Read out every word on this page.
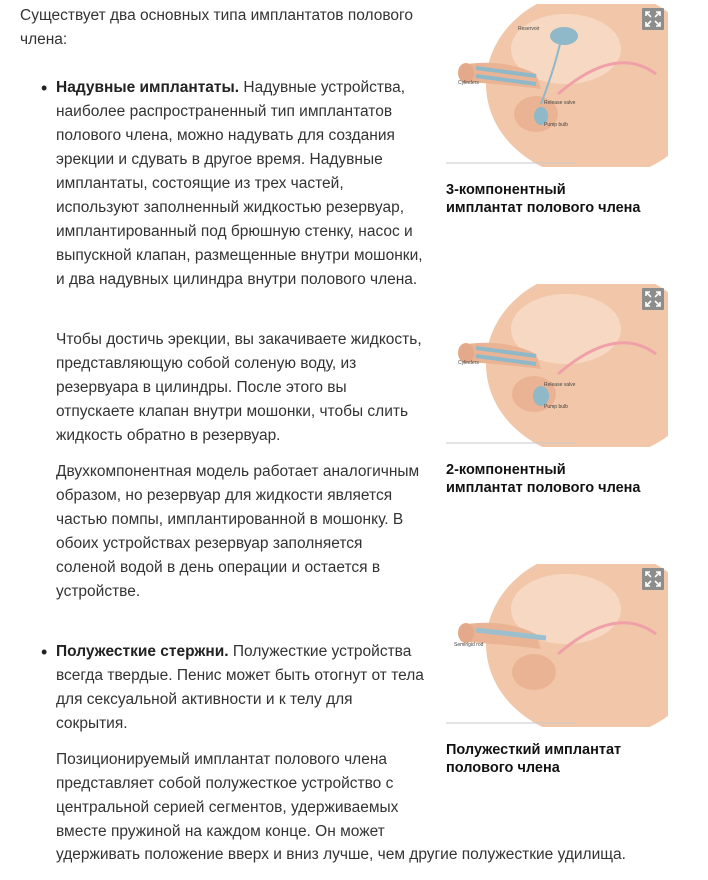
Существует два основных типа имплантатов полового члена:
• Надувные имплантаты. Надувные устройства, наиболее распространенный тип имплантатов полового члена, можно надувать для создания эрекции и сдувать в другое время. Надувные имплантаты, состоящие из трех частей, используют заполненный жидкостью резервуар, имплантированный под брюшную стенку, насос и выпускной клапан, размещенные внутри мошонки, и два надувных цилиндра внутри полового члена.
Чтобы достичь эрекции, вы закачиваете жидкость, представляющую собой соленую воду, из резервуара в цилиндры. После этого вы отпускаете клапан внутри мошонки, чтобы слить жидкость обратно в резервуар.
Двухкомпонентная модель работает аналогичным образом, но резервуар для жидкости является частью помпы, имплантированной в мошонку. В обоих устройствах резервуар заполняется соленой водой в день операции и остается в устройстве.
• Полужесткие стержни. Полужесткие устройства всегда твердые. Пенис может быть отогнут от тела для сексуальной активности и к телу для сокрытия.
Позиционируемый имплантат полового члена представляет собой полужесткое устройство с центральной серией сегментов, удерживаемых вместе пружиной на каждом конце. Он может
удерживать положение вверх и вниз лучше, чем другие полужесткие удилища.
Reservoir
Cylinders
Release valve
Pump bulb
3-компонентный имплантат полового члена
Cylinders
Release valve
Pump bulb
2-компонентный имплантат полового члена
Semirigid rod
Полужесткий имплантат полового члена
